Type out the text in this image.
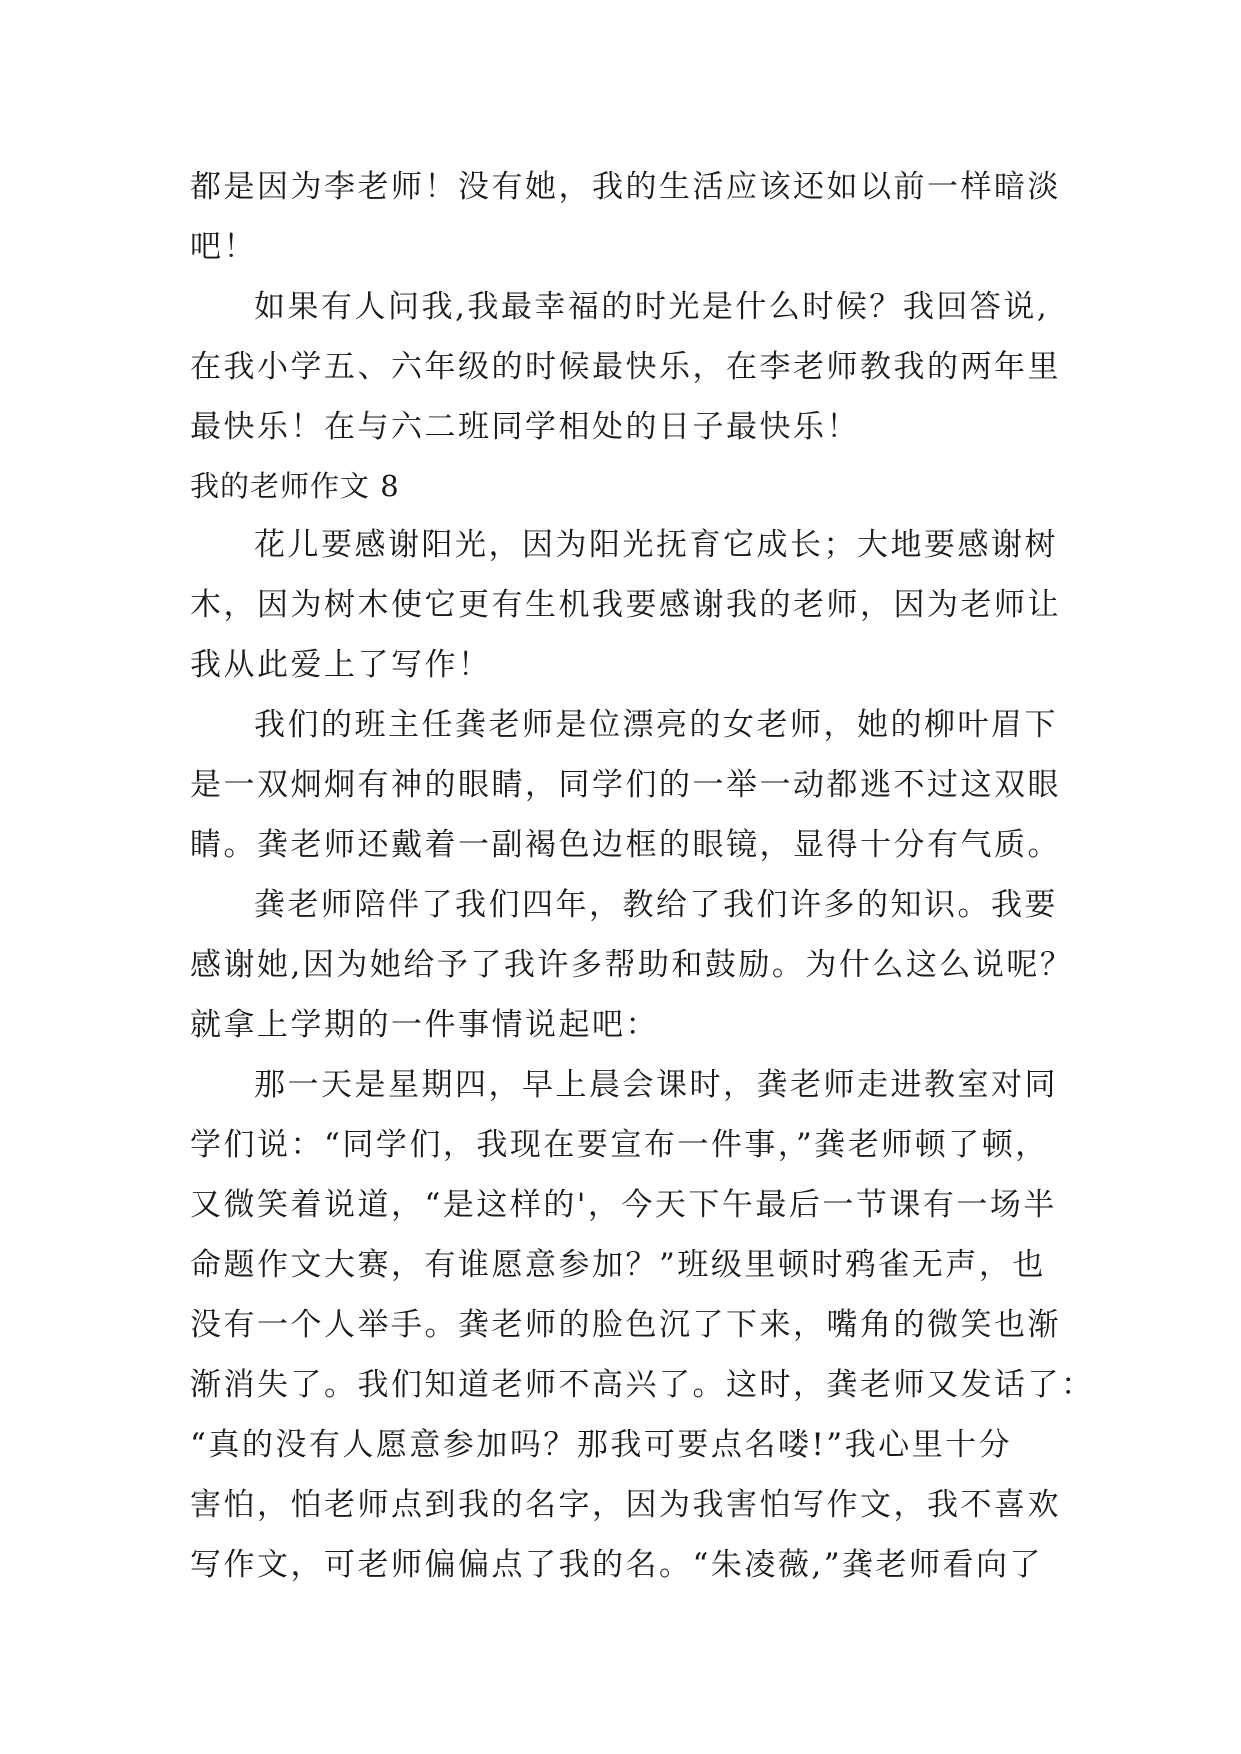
都是因为李老师！没有她，我的生活应该还如以前一样暗淡
吧！
如果有人问我,我最幸福的时光是什么时候？我回答说,
在我小学五、六年级的时候最快乐，在李老师教我的两年里
最快乐！在与六二班同学相处的日子最快乐！
我的老师作文 8
花儿要感谢阳光，因为阳光抚育它成长；大地要感谢树
木，因为树木使它更有生机我要感谢我的老师，因为老师让
我从此爱上了写作！
我们的班主任龚老师是位漂亮的女老师，她的柳叶眉下
是一双炯炯有神的眼睛，同学们的一举一动都逃不过这双眼
睛。龚老师还戴着一副褐色边框的眼镜，显得十分有气质。
龚老师陪伴了我们四年，教给了我们许多的知识。我要
感谢她,因为她给予了我许多帮助和鼓励。为什么这么说呢？
就拿上学期的一件事情说起吧：
那一天是星期四，早上晨会课时，龚老师走进教室对同
学们说：“同学们，我现在要宣布一件事，”龚老师顿了顿，
又微笑着说道，“是这样的'，今天下午最后一节课有一场半
命题作文大赛，有谁愿意参加？”班级里顿时鸦雀无声，也
没有一个人举手。龚老师的脸色沉了下来，嘴角的微笑也渐
渐消失了。我们知道老师不高兴了。这时，龚老师又发话了：
“真的没有人愿意参加吗？那我可要点名喽!”我心里十分
害怕，怕老师点到我的名字，因为我害怕写作文，我不喜欢
写作文，可老师偏偏点了我的名。“朱凌薇,”龚老师看向了
